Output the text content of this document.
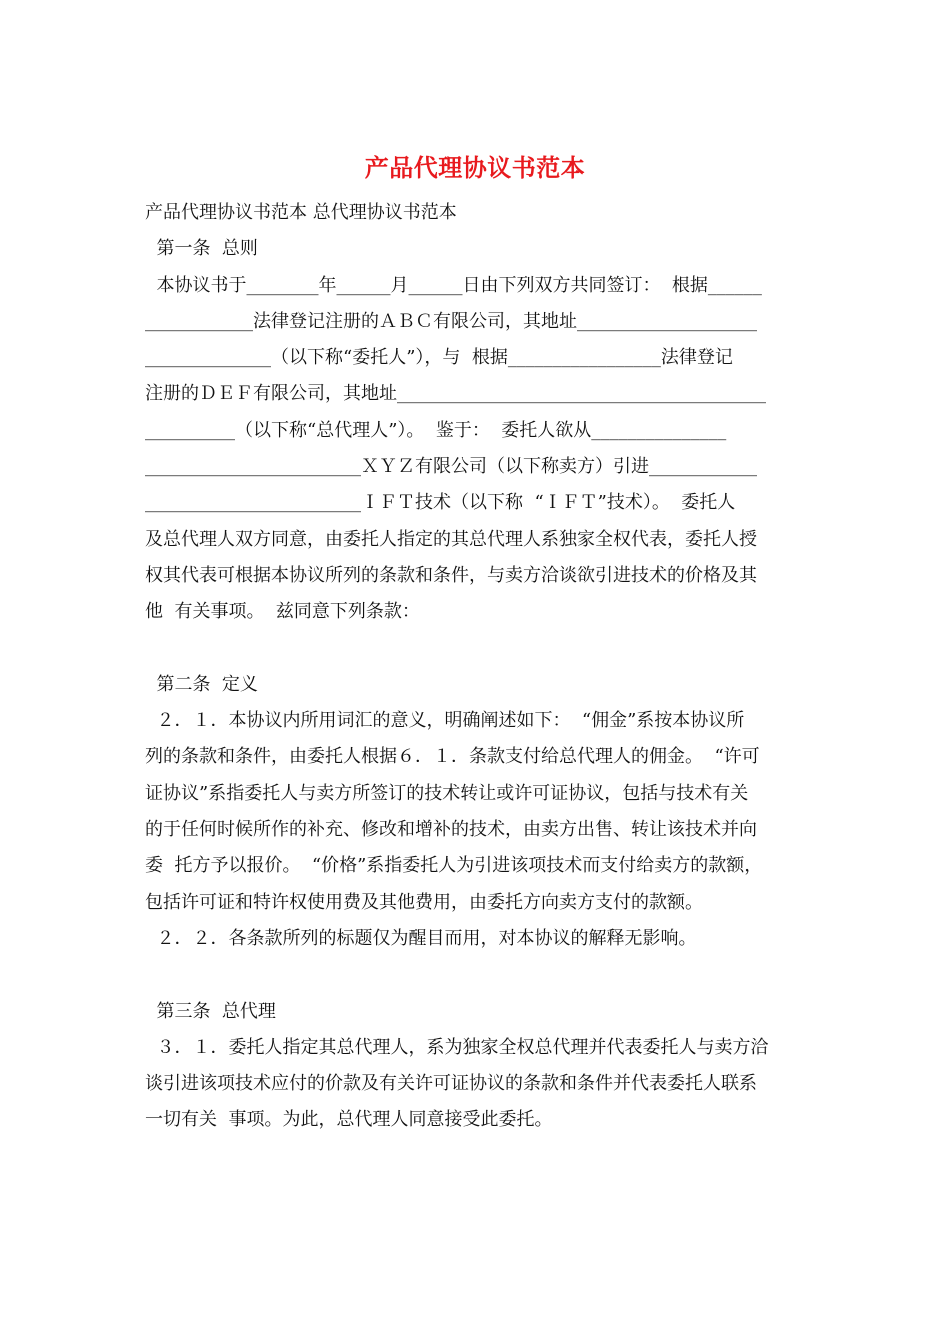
产品代理协议书范本
产品代理协议书范本 总代理协议书范本
第一条  总则
本协议书于________年______月______日由下列双方共同签订：  根据______
____________法律登记注册的ＡＢＣ有限公司，其地址____________________
______________（以下称“委托人”），与  根据_________________法律登记
注册的ＤＥＦ有限公司，其地址_________________________________________
__________（以下称“总代理人”）。  鉴于：  委托人欲从_______________
________________________ＸＹＺ有限公司（以下称卖方）引进____________
________________________ＩＦＴ技术（以下称  “ＩＦＴ”技术）。  委托人
及总代理人双方同意，由委托人指定的其总代理人系独家全权代表，委托人授
权其代表可根据本协议所列的条款和条件，与卖方洽谈欲引进技术的价格及其
他  有关事项。  兹同意下列条款：
第二条  定义
２．１．本协议内所用词汇的意义，明确阐述如下：  “佣金”系按本协议所
列的条款和条件，由委托人根据６．１．条款支付给总代理人的佣金。  “许可
证协议”系指委托人与卖方所签订的技术转让或许可证协议，包括与技术有关
的于任何时候所作的补充、修改和增补的技术，由卖方出售、转让该技术并向
委  托方予以报价。  “价格”系指委托人为引进该项技术而支付给卖方的款额，
包括许可证和特许权使用费及其他费用，由委托方向卖方支付的款额。
２．２．各条款所列的标题仅为醒目而用，对本协议的解释无影响。
第三条  总代理
３．１．委托人指定其总代理人，系为独家全权总代理并代表委托人与卖方洽
谈引进该项技术应付的价款及有关许可证协议的条款和条件并代表委托人联系
一切有关  事项。为此，总代理人同意接受此委托。
